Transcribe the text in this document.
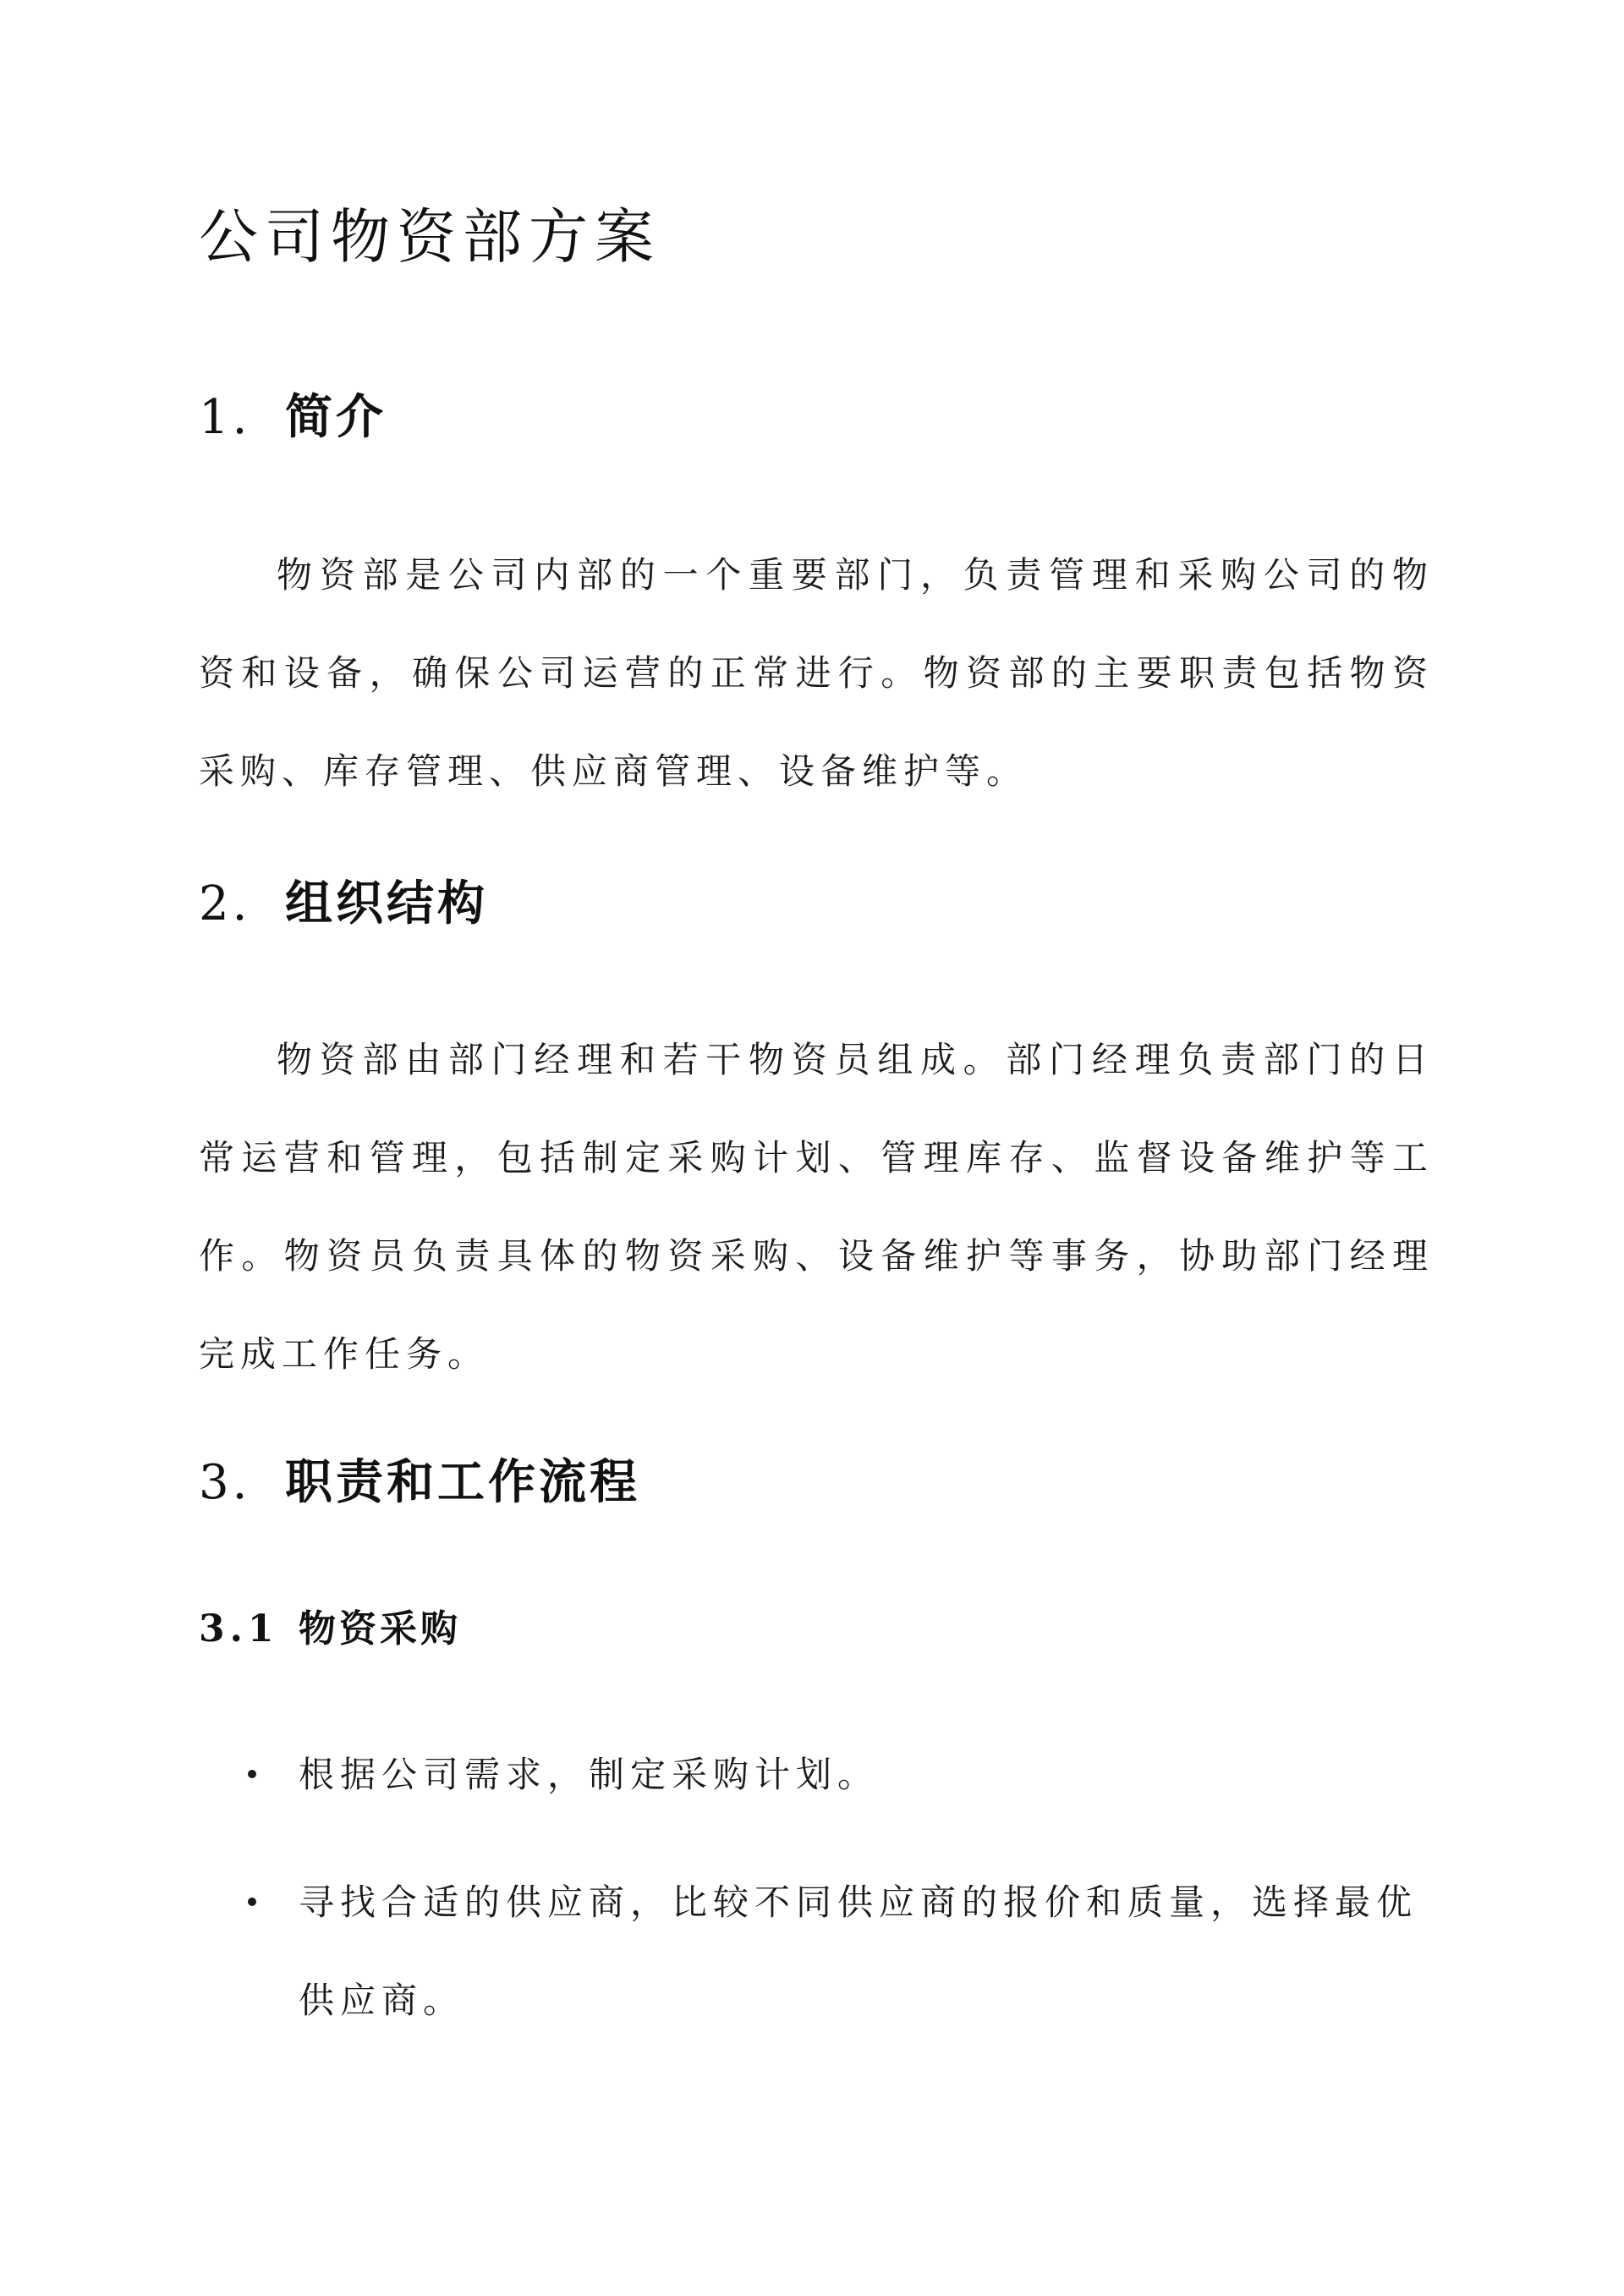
公司物资部方案
1. 简介

物资部是公司内部的一个重要部门，负责管理和采购公司的物资和设备，确保公司运营的正常进行。物资部的主要职责包括物资采购、库存管理、供应商管理、设备维护等。

2. 组织结构

物资部由部门经理和若干物资员组成。部门经理负责部门的日常运营和管理，包括制定采购计划、管理库存、监督设备维护等工作。物资员负责具体的物资采购、设备维护等事务，协助部门经理完成工作任务。

3. 职责和工作流程
3.1 物资采购
根据公司需求，制定采购计划。
寻找合适的供应商，比较不同供应商的报价和质量，选择最优供应商。
